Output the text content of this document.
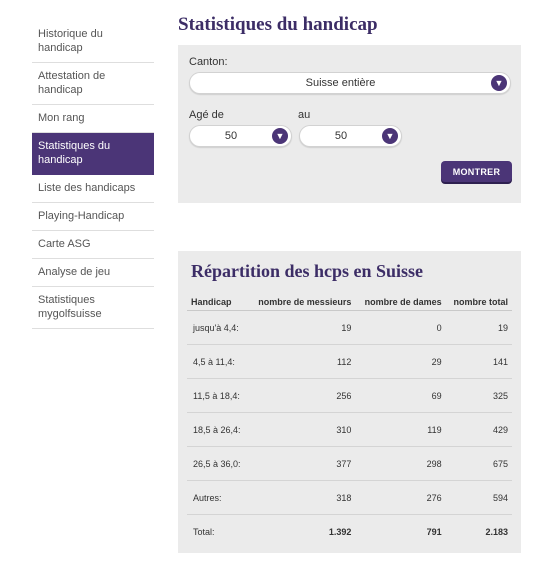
Historique du handicap
Attestation de handicap
Mon rang
Statistiques du handicap
Liste des handicaps
Playing-Handicap
Carte ASG
Analyse de jeu
Statistiques mygolfsuisse
Statistiques du handicap
Canton:
Suisse entière	▼
Agé de	au
50	▼	50	▼
MONTRER
Répartition des hcps en Suisse
Handicap	nombre de messieurs	nombre de dames	nombre total
jusqu'à 4,4:	19	0	19
4,5 à 11,4:	112	29	141
11,5 à 18,4:	256	69	325
18,5 à 26,4:	310	119	429
26,5 à 36,0:	377	298	675
Autres:	318	276	594
Total:	1.392	791	2.183
